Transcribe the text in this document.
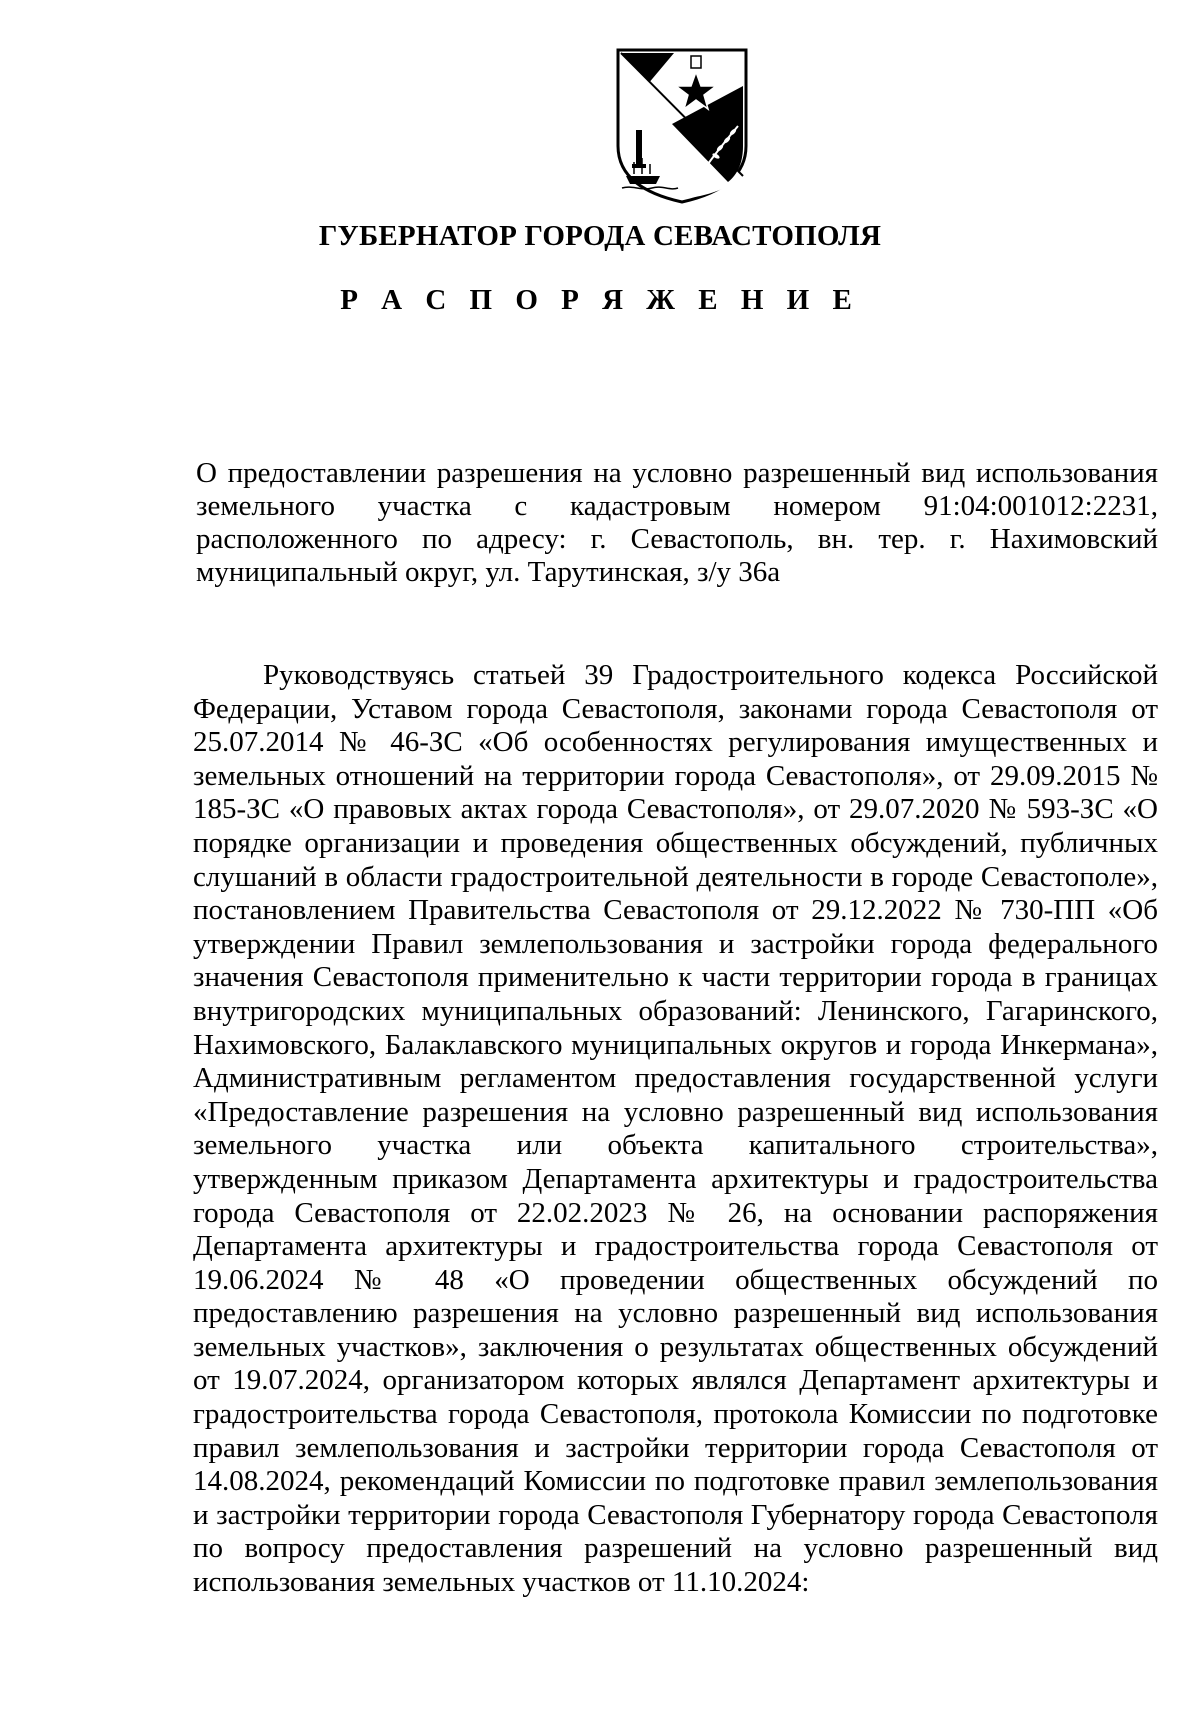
ГУБЕРНАТОР ГОРОДА СЕВАСТОПОЛЯ
Р А С П О Р Я Ж Е Н И Е
О предоставлении разрешения на условно разрешенный вид использования земельного участка с кадастровым номером 91:04:001012:2231, расположенного по адресу: г. Севастополь, вн. тер. г. Нахимовский муниципальный округ, ул. Тарутинская, з/у 36а
Руководствуясь статьей 39 Градостроительного кодекса Российской Федерации, Уставом города Севастополя, законами города Севастополя от 25.07.2014 № 46-ЗС «Об особенностях регулирования имущественных и земельных отношений на территории города Севастополя», от 29.09.2015 № 185-ЗС «О правовых актах города Севастополя», от 29.07.2020 № 593-ЗС «О порядке организации и проведения общественных обсуждений, публичных слушаний в области градостроительной деятельности в городе Севастополе», постановлением Правительства Севастополя от 29.12.2022 № 730-ПП «Об утверждении Правил землепользования и застройки города федерального значения Севастополя применительно к части территории города в границах внутригородских муниципальных образований: Ленинского, Гагаринского, Нахимовского, Балаклавского муниципальных округов и города Инкермана», Административным регламентом предоставления государственной услуги «Предоставление разрешения на условно разрешенный вид использования земельного участка или объекта капитального строительства», утвержденным приказом Департамента архитектуры и градостроительства города Севастополя от 22.02.2023 № 26, на основании распоряжения Департамента архитектуры и градостроительства города Севастополя от 19.06.2024 № 48 «О проведении общественных обсуждений по предоставлению разрешения на условно разрешенный вид использования земельных участков», заключения о результатах общественных обсуждений от 19.07.2024, организатором которых являлся Департамент архитектуры и градостроительства города Севастополя, протокола Комиссии по подготовке правил землепользования и застройки территории города Севастополя от 14.08.2024, рекомендаций Комиссии по подготовке правил землепользования и застройки территории города Севастополя Губернатору города Севастополя по вопросу предоставления разрешений на условно разрешенный вид использования земельных участков от 11.10.2024:
